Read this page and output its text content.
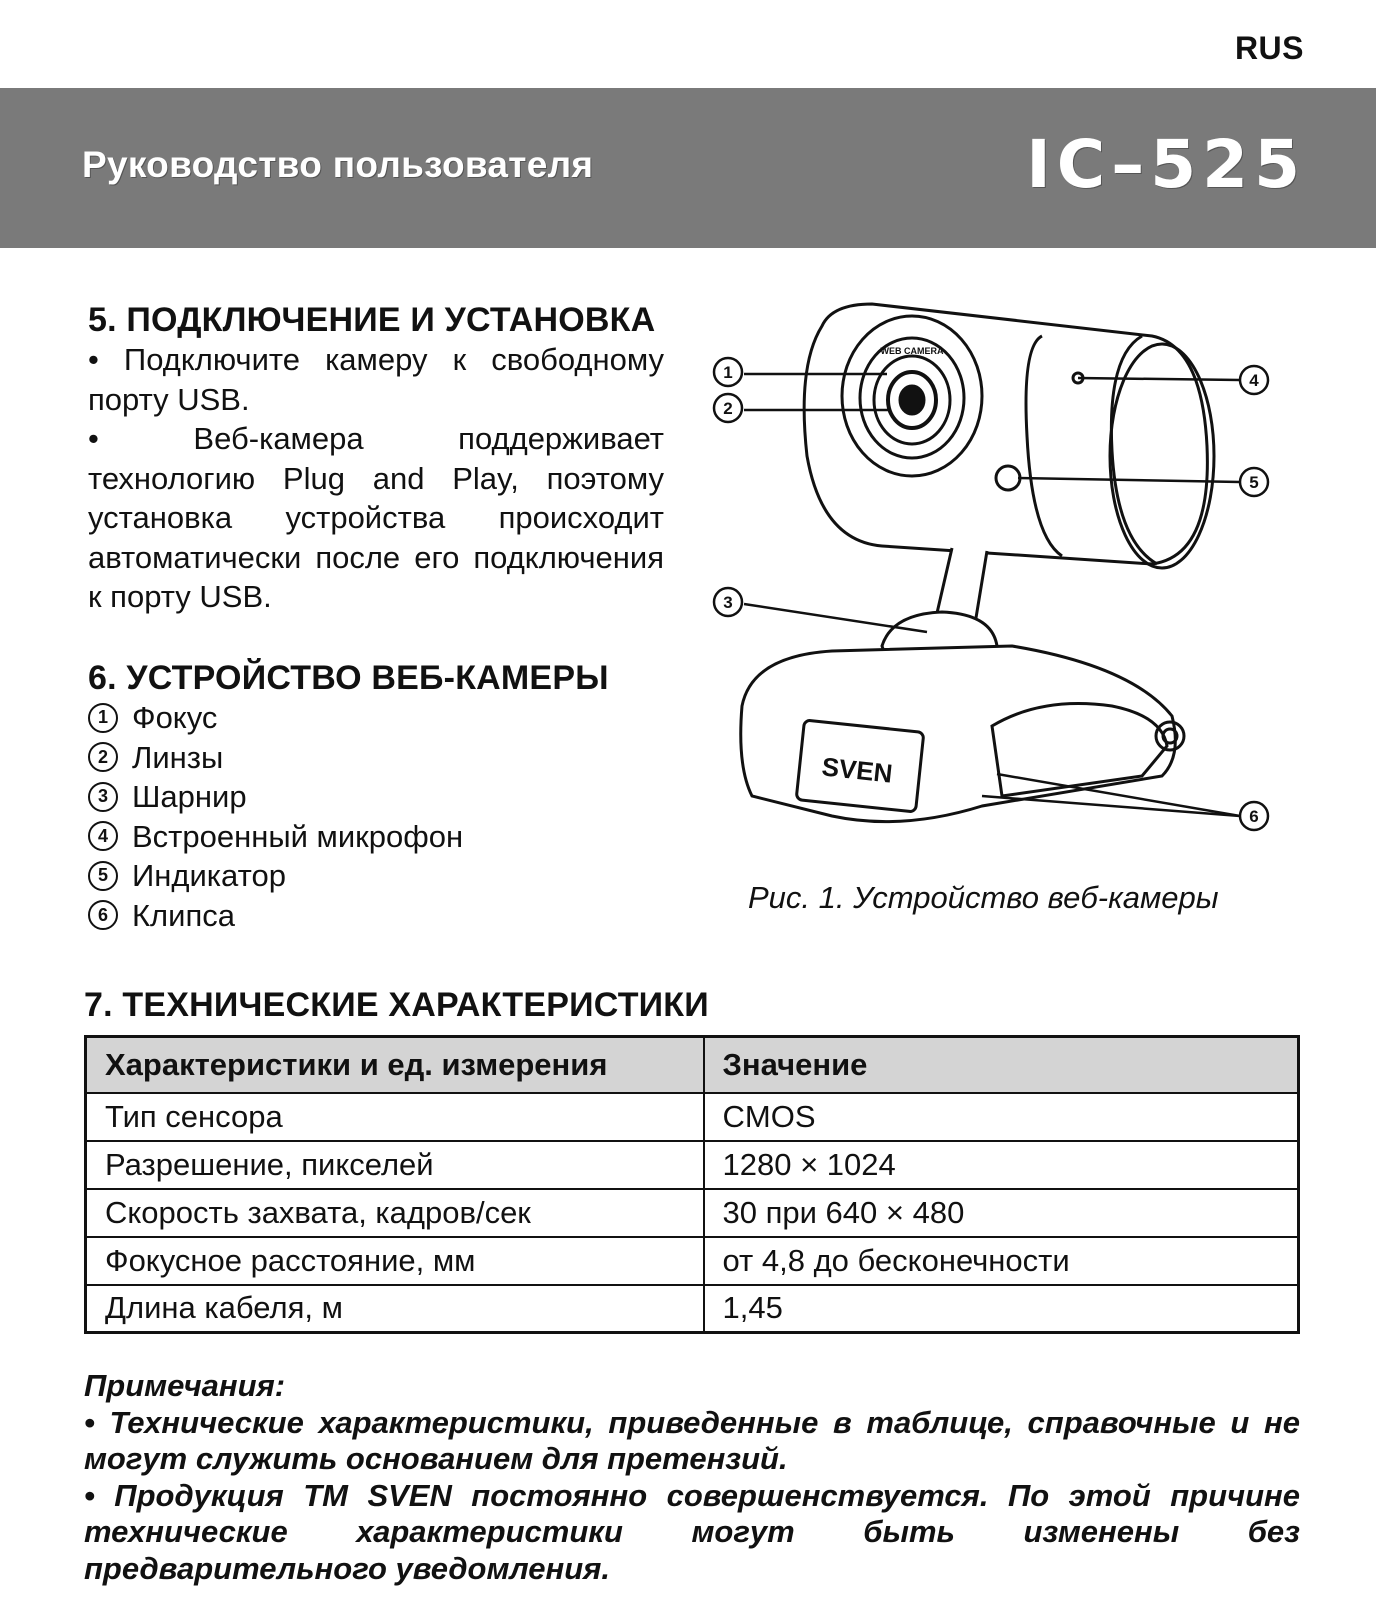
RUS
Руководство пользователя	IC–525
5. ПОДКЛЮЧЕНИЕ И УСТАНОВКА

• Подключите камеру к свободному порту USB.

• Веб-камера поддерживает технологию Plug and Play, поэтому установка устройства происходит автоматически после его подключения к порту USB.

6. УСТРОЙСТВО ВЕБ-КАМЕРЫ
1 Фокус
2 Линзы
3 Шарнир
4 Встроенный микрофон
5 Индикатор
6 Клипса
WEB CAMERA
SVEN
1
2
3
4
5
6
Рис. 1. Устройство веб-камеры
7. ТЕХНИЧЕСКИЕ ХАРАКТЕРИСТИКИ
Характеристики и ед. измерения	Значение
Тип сенсора	CMOS
Разрешение, пикселей	1280 × 1024
Скорость захвата, кадров/сек	30 при 640 × 480
Фокусное расстояние, мм	от 4,8 до бесконечности
Длина кабеля, м	1,45

Примечания:

• Технические характеристики, приведенные в таблице, справочные и не могут служить основанием для претензий.

• Продукция TM SVEN постоянно совершенствуется. По этой причине технические характеристики могут быть изменены без предварительного уведомления.
